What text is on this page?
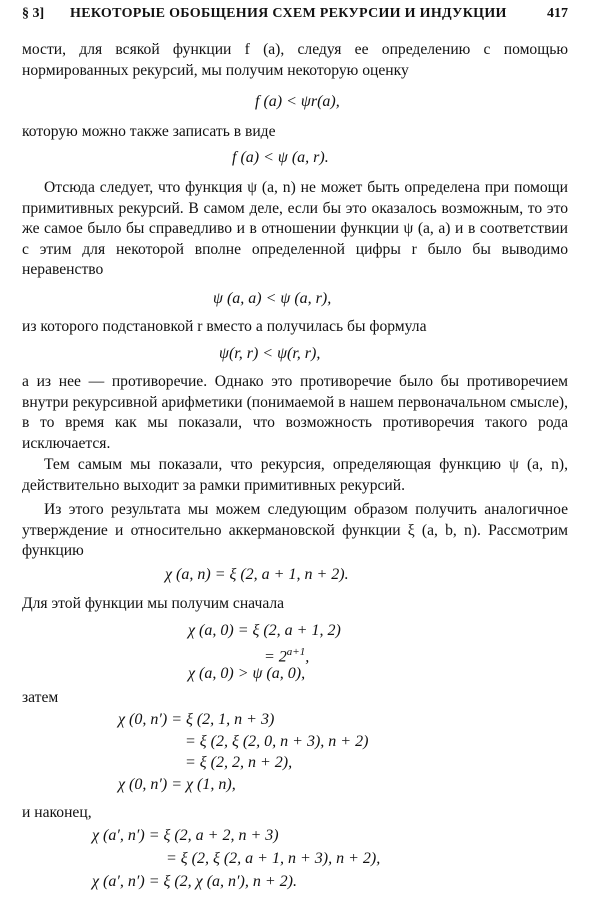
§ 3] НЕКОТОРЫЕ ОБОБЩЕНИЯ СХЕМ РЕКУРСИИ И ИНДУКЦИИ	417
мости, для всякой функции f (a), следуя ее определению с помощью нормированных рекурсий, мы получим некоторую оценку
f (a) < ψr(a),
которую можно также записать в виде
f (a) < ψ (a, r).
Отсюда следует, что функция ψ (a, n) не может быть определена при помощи примитивных рекурсий. В самом деле, если бы это оказалось возможным, то это же самое было бы справедливо и в отношении функции ψ (a, a) и в соответствии с этим для некоторой вполне определенной цифры r было бы выводимо неравенство
ψ (a, a) < ψ (a, r),
из которого подстановкой r вместо a получилась бы формула
ψ(r, r) < ψ(r, r),
а из нее — противоречие. Однако это противоречие было бы противоречием внутри рекурсивной арифметики (понимаемой в нашем первоначальном смысле), в то время как мы показали, что возможность противоречия такого рода исключается.
Тем самым мы показали, что рекурсия, определяющая функцию ψ (a, n), действительно выходит за рамки примитивных рекурсий.
Из этого результата мы можем следующим образом получить аналогичное утверждение и относительно аккермановской функции ξ (a, b, n). Рассмотрим функцию
χ (a, n) = ξ (2, a + 1, n + 2).
Для этой функции мы получим сначала
χ (a, 0) = ξ (2, a + 1, 2)
= $2^{a+1}$,
χ (a, 0) > ψ (a, 0),
затем
χ (0, n′) = ξ (2, 1, n + 3)
= ξ (2, ξ (2, 0, n + 3), n + 2)
= ξ (2, 2, n + 2),
χ (0, n′) = χ (1, n),
и наконец,
χ (a′, n′) = ξ (2, a + 2, n + 3)
= ξ (2, ξ (2, a + 1, n + 3), n + 2),
χ (a′, n′) = ξ (2, χ (a, n′), n + 2).
